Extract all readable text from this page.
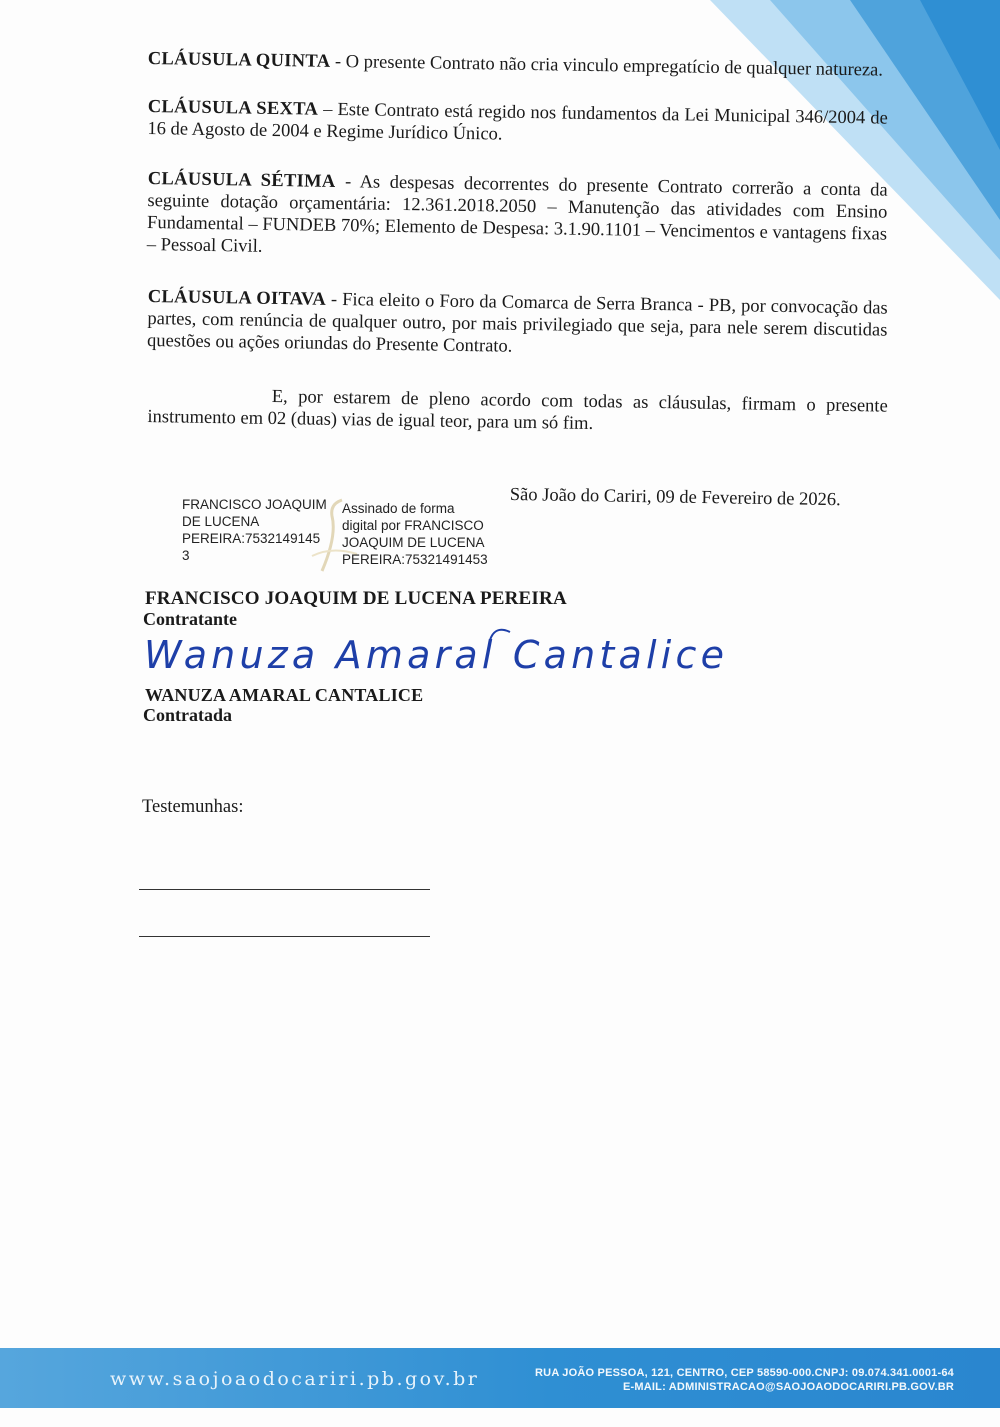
CLÁUSULA QUINTA - O presente Contrato não cria vinculo empregatício de qualquer natureza.

CLÁUSULA SEXTA – Este Contrato está regido nos fundamentos da Lei Municipal 346/2004 de 16 de Agosto de 2004 e Regime Jurídico Único.

CLÁUSULA SÉTIMA - As despesas decorrentes do presente Contrato correrão a conta da seguinte dotação orçamentária: 12.361.2018.2050 – Manutenção das atividades com Ensino Fundamental – FUNDEB 70%; Elemento de Despesa: 3.1.90.1101 – Vencimentos e vantagens fixas – Pessoal Civil.

CLÁUSULA OITAVA - Fica eleito o Foro da Comarca de Serra Branca - PB, por convocação das partes, com renúncia de qualquer outro, por mais privilegiado que seja, para nele serem discutidas questões ou ações oriundas do Presente Contrato.

E, por estarem de pleno acordo com todas as cláusulas, firmam o presente instrumento em 02 (duas) vias de igual teor, para um só fim.

São João do Cariri, 09 de Fevereiro de 2026.
FRANCISCO JOAQUIM
DE LUCENA
PEREIRA:7532149145
3
Assinado de forma
digital por FRANCISCO
JOAQUIM DE LUCENA
PEREIRA:75321491453
FRANCISCO JOAQUIM DE LUCENA PEREIRA
Contratante
Wanuza Amaral Cantalice
WANUZA AMARAL CANTALICE
Contratada
Testemunhas:
www.saojoaodocariri.pb.gov.br	RUA JOÃO PESSOA, 121, CENTRO, CEP 58590-000.CNPJ: 09.074.341.0001-64
E-MAIL: ADMINISTRACAO@SAOJOAODOCARIRI.PB.GOV.BR
